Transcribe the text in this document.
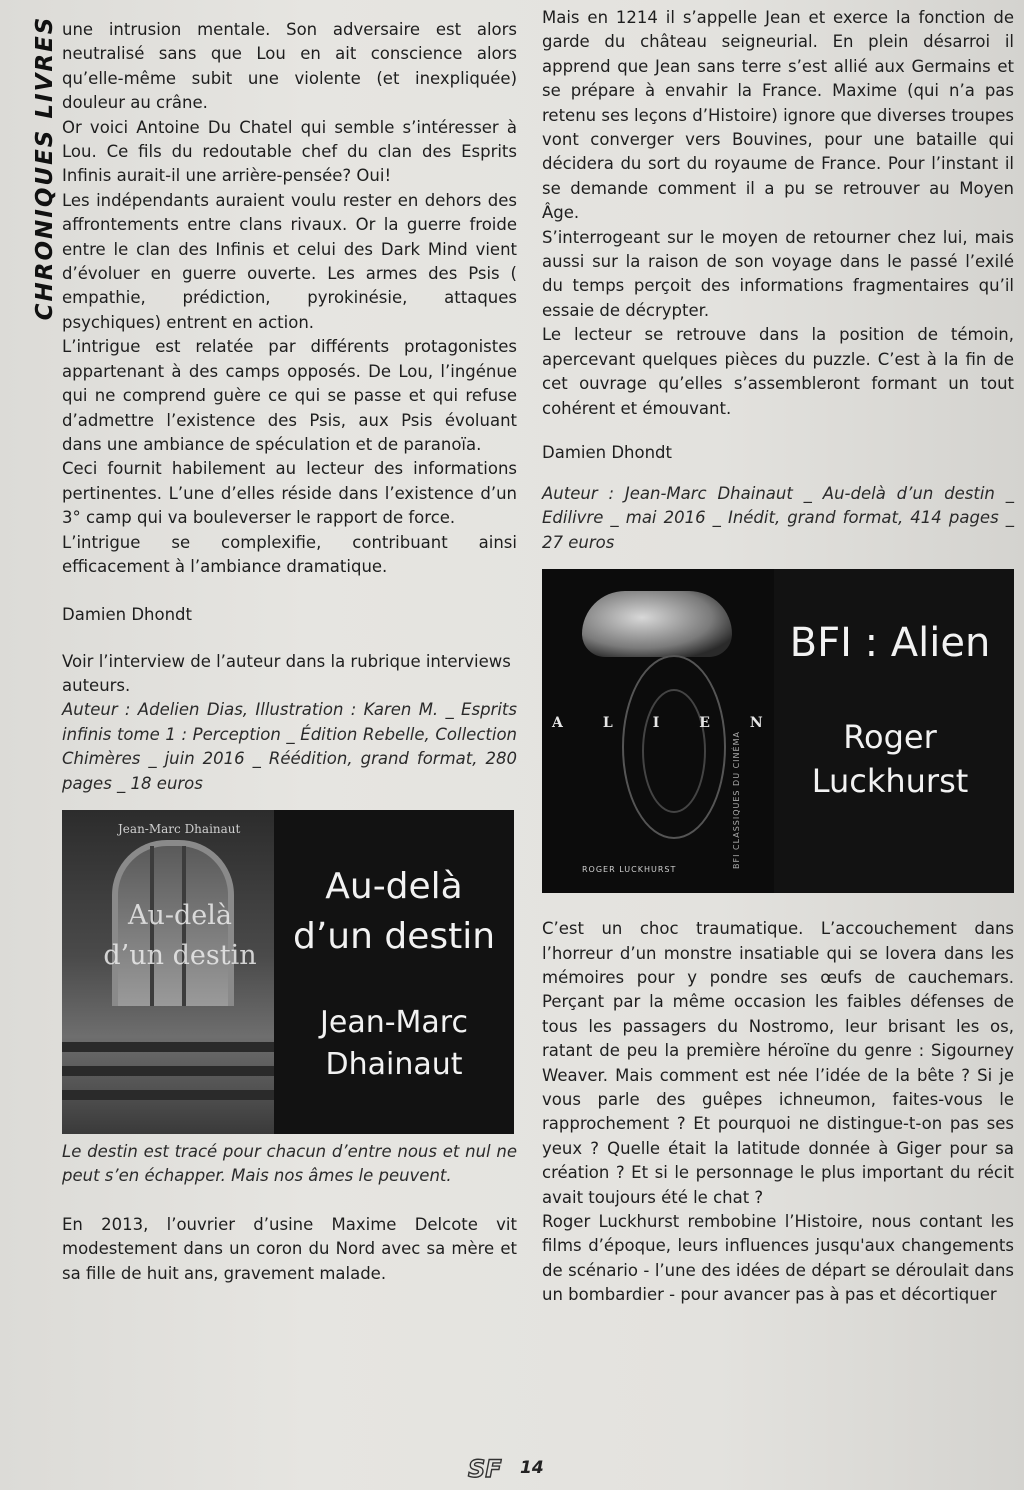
CHRONIQUES LIVRES une intrusion mentale. Son adversaire est alors neutralisé sans que Lou en ait conscience alors qu’elle-même subit une violente (et inexpliquée) douleur au crâne.

Or voici Antoine Du Chatel qui semble s’intéresser à Lou. Ce fils du redoutable chef du clan des Esprits Infinis aurait-il une arrière-pensée? Oui!

Les indépendants auraient voulu rester en dehors des affrontements entre clans rivaux. Or la guerre froide entre le clan des Infinis et celui des Dark Mind vient d’évoluer en guerre ouverte. Les armes des Psis ( empathie, prédiction, pyrokinésie, attaques psychiques) entrent en action.

L’intrigue est relatée par différents protagonistes appartenant à des camps opposés. De Lou, l’ingénue qui ne comprend guère ce qui se passe et qui refuse d’admettre l’existence des Psis, aux Psis évoluant dans une ambiance de spéculation et de paranoïa.

Ceci fournit habilement au lecteur des informations pertinentes. L’une d’elles réside dans l’existence d’un 3° camp qui va bouleverser le rapport de force.

L’intrigue se complexifie, contribuant ainsi efficacement à l’ambiance dramatique.

Damien Dhondt

Voir l’interview de l’auteur dans la rubrique interviews auteurs.

Auteur : Adelien Dias, Illustration : Karen M. _ Esprits infinis tome 1 : Perception _ Édition Rebelle, Collection Chimères _ juin 2016 _ Réédition, grand format, 280 pages _ 18 euros

Jean-Marc Dhainaut
Au-delà
d’un destin
Au-delà
d’un destin
Jean-Marc
Dhainaut

Le destin est tracé pour chacun d’entre nous et nul ne peut s’en échapper. Mais nos âmes le peuvent.

En 2013, l’ouvrier d’usine Maxime Delcote vit modestement dans un coron du Nord avec sa mère et sa fille de huit ans, gravement malade.

Mais en 1214 il s’appelle Jean et exerce la fonction de garde du château seigneurial. En plein désarroi il apprend que Jean sans terre s’est allié aux Germains et se prépare à envahir la France. Maxime (qui n’a pas retenu ses leçons d’Histoire) ignore que diverses troupes vont converger vers Bouvines, pour une bataille qui décidera du sort du royaume de France. Pour l’instant il se demande comment il a pu se retrouver au Moyen Âge.

S’interrogeant sur le moyen de retourner chez lui, mais aussi sur la raison de son voyage dans le passé l’exilé du temps perçoit des informations fragmentaires qu’il essaie de décrypter.

Le lecteur se retrouve dans la position de témoin, apercevant quelques pièces du puzzle. C’est à la fin de cet ouvrage qu’elles s’assembleront formant un tout cohérent et émouvant.

Damien Dhondt

Auteur : Jean-Marc Dhainaut _ Au-delà d’un destin _ Edilivre _ mai 2016 _ Inédit, grand format, 414 pages _ 27 euros

ALIEN
BFI CLASSIQUES DU CINÉMA
ROGER LUCKHURST
BFI : Alien
Roger
Luckhurst

C’est un choc traumatique. L’accouchement dans l’horreur d’un monstre insatiable qui se lovera dans les mémoires pour y pondre ses œufs de cauchemars. Perçant par la même occasion les faibles défenses de tous les passagers du Nostromo, leur brisant les os, ratant de peu la première héroïne du genre : Sigourney Weaver. Mais comment est née l’idée de la bête ? Si je vous parle des guêpes ichneumon, faites-vous le rapprochement ? Et pourquoi ne distingue-t-on pas ses yeux ? Quelle était la latitude donnée à Giger pour sa création ? Et si le personnage le plus important du récit avait toujours été le chat ?

Roger Luckhurst rembobine l’Histoire, nous contant les films d’époque, leurs influences jusqu'aux changements de scénario - l’une des idées de départ se déroulait dans un bombardier - pour avancer pas à pas et décortiquer

SF 14
